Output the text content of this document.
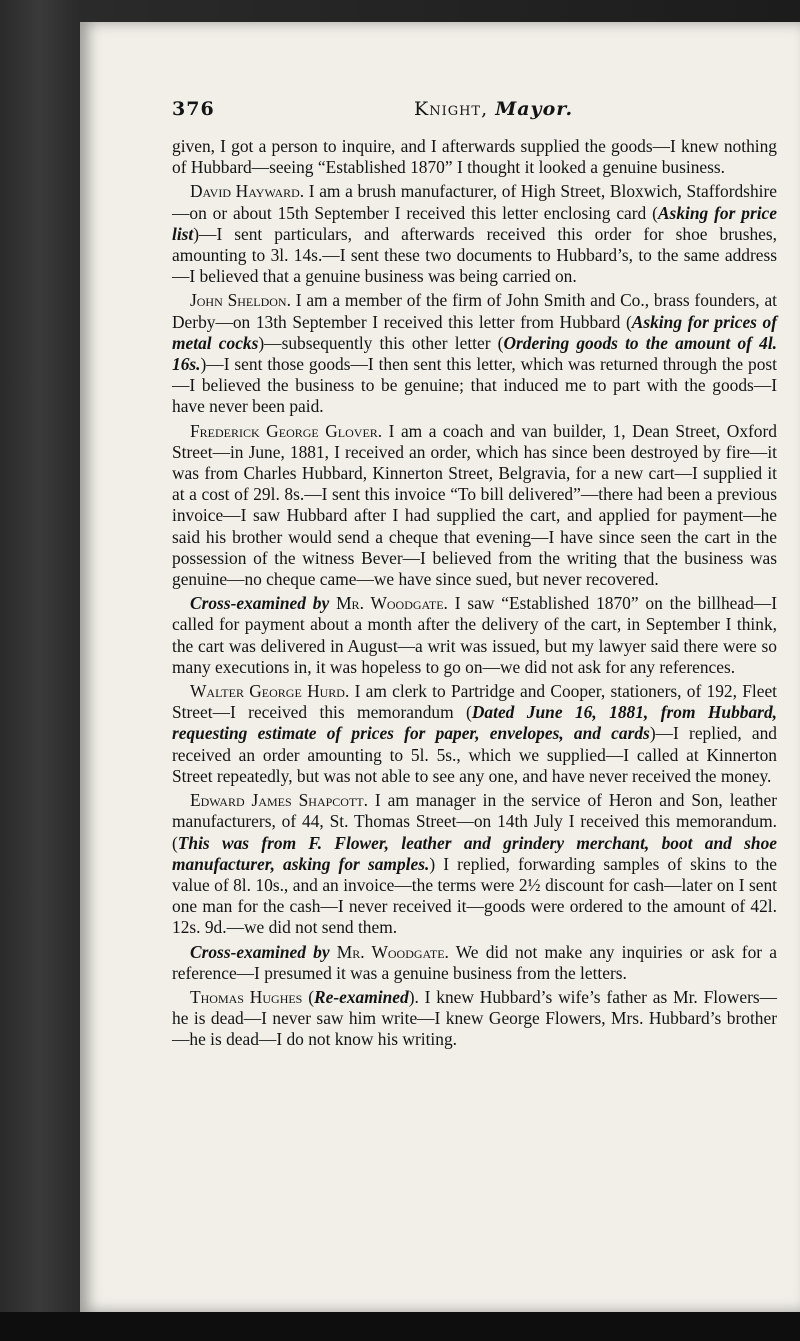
376	Knight, Mayor.

given, I got a person to inquire, and I afterwards supplied the goods—I knew nothing of Hubbard—seeing “Established 1870” I thought it looked a genuine business.

David Hayward. I am a brush manufacturer, of High Street, Bloxwich, Staffordshire—on or about 15th September I received this letter enclosing card (Asking for price list)—I sent particulars, and afterwards received this order for shoe brushes, amounting to 3l. 14s.—I sent these two documents to Hubbard’s, to the same address—I believed that a genuine business was being carried on.

John Sheldon. I am a member of the firm of John Smith and Co., brass founders, at Derby—on 13th September I received this letter from Hubbard (Asking for prices of metal cocks)—subsequently this other letter (Ordering goods to the amount of 4l. 16s.)—I sent those goods—I then sent this letter, which was returned through the post—I believed the business to be genuine; that induced me to part with the goods—I have never been paid.

Frederick George Glover. I am a coach and van builder, 1, Dean Street, Oxford Street—in June, 1881, I received an order, which has since been destroyed by fire—it was from Charles Hubbard, Kinnerton Street, Belgravia, for a new cart—I supplied it at a cost of 29l. 8s.—I sent this invoice “To bill delivered”—there had been a previous invoice—I saw Hubbard after I had supplied the cart, and applied for payment—he said his brother would send a cheque that evening—I have since seen the cart in the possession of the witness Bever—I believed from the writing that the business was genuine—no cheque came—we have since sued, but never recovered.

Cross-examined by Mr. Woodgate. I saw “Established 1870” on the billhead—I called for payment about a month after the delivery of the cart, in September I think, the cart was delivered in August—a writ was issued, but my lawyer said there were so many executions in, it was hopeless to go on—we did not ask for any references.

Walter George Hurd. I am clerk to Partridge and Cooper, stationers, of 192, Fleet Street—I received this memorandum (Dated June 16, 1881, from Hubbard, requesting estimate of prices for paper, envelopes, and cards)—I replied, and received an order amounting to 5l. 5s., which we supplied—I called at Kinnerton Street repeatedly, but was not able to see any one, and have never received the money.

Edward James Shapcott. I am manager in the service of Heron and Son, leather manufacturers, of 44, St. Thomas Street—on 14th July I received this memorandum. (This was from F. Flower, leather and grindery merchant, boot and shoe manufacturer, asking for samples.) I replied, forwarding samples of skins to the value of 8l. 10s., and an invoice—the terms were 2½ discount for cash—later on I sent one man for the cash—I never received it—goods were ordered to the amount of 42l. 12s. 9d.—we did not send them.

Cross-examined by Mr. Woodgate. We did not make any inquiries or ask for a reference—I presumed it was a genuine business from the letters.

Thomas Hughes (Re-examined). I knew Hubbard’s wife’s father as Mr. Flowers—he is dead—I never saw him write—I knew George Flowers, Mrs. Hubbard’s brother—he is dead—I do not know his writing.
